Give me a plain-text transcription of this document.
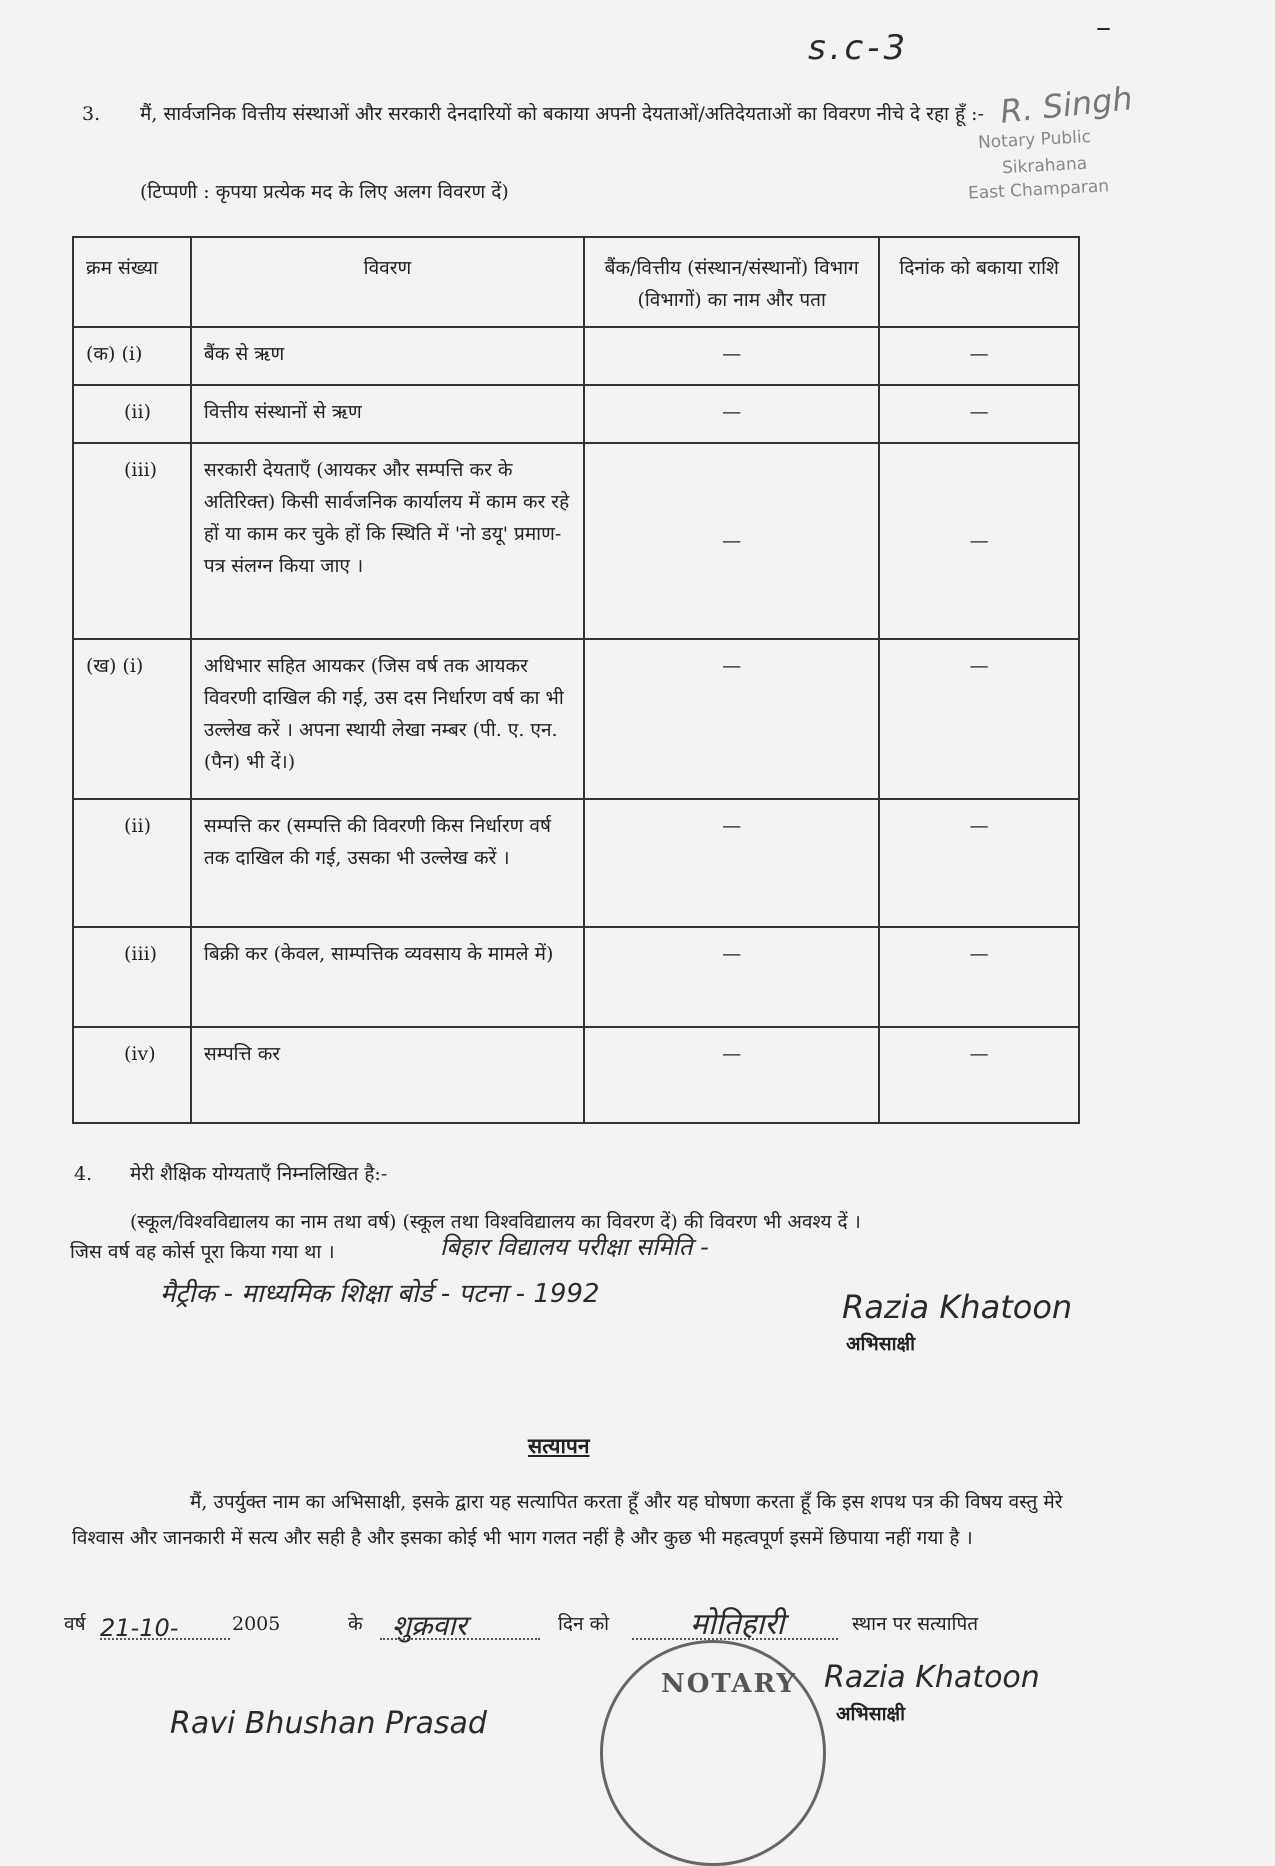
s.c-3
–
R. Singh
Notary Public
Sikrahana
East Champaran
3. मैं, सार्वजनिक वित्तीय संस्थाओं और सरकारी देनदारियों को बकाया अपनी देयताओं/अतिदेयताओं का विवरण नीचे दे रहा हूँ :-
(टिप्पणी : कृपया प्रत्येक मद के लिए अलग विवरण दें)
क्रम संख्या	विवरण	बैंक/वित्तीय (संस्थान/संस्थानों) विभाग (विभागों) का नाम और पता	दिनांक को बकाया राशि
(क) (i)	बैंक से ऋण	—	—

(ii)	वित्तीय संस्थानों से ऋण	—	—

(iii)	सरकारी देयताएँ (आयकर और सम्पत्ति कर के अतिरिक्त) किसी सार्वजनिक कार्यालय में काम कर रहे हों या काम कर चुके हों कि स्थिति में 'नो डयू' प्रमाण-पत्र संलग्न किया जाए ।	—	—

(ख) (i)	अधिभार सहित आयकर (जिस वर्ष तक आयकर विवरणी दाखिल की गई, उस दस निर्धारण वर्ष का भी उल्लेख करें । अपना स्थायी लेखा नम्बर (पी. ए. एन. (पैन) भी दें।)	—	—

(ii)	सम्पत्ति कर (सम्पत्ति की विवरणी किस निर्धारण वर्ष तक दाखिल की गई, उसका भी उल्लेख करें ।	—	—

(iii)	बिक्री कर (केवल, साम्पत्तिक व्यवसाय के मामले में)	—	—

(iv)	सम्पत्ति कर	—	—
4. मेरी शैक्षिक योग्यताएँ निम्नलिखित है:-
(स्कूल/विश्वविद्यालय का नाम तथा वर्ष) (स्कूल तथा विश्वविद्यालय का विवरण दें) की विवरण भी अवश्य दें ।
जिस वर्ष वह कोर्स पूरा किया गया था ।	बिहार विद्यालय परीक्षा समिति -
मैट्रीक - माध्यमिक शिक्षा बोर्ड - पटना - 1992	Razia Khatoon
अभिसाक्षी
सत्यापन
मैं, उपर्युक्त नाम का अभिसाक्षी, इसके द्वारा यह सत्यापित करता हूँ और यह घोषणा करता हूँ कि इस शपथ पत्र की विषय वस्तु मेरे विश्वास और जानकारी में सत्य और सही है और इसका कोई भी भाग गलत नहीं है और कुछ भी महत्वपूर्ण इसमें छिपाया नहीं गया है ।
वर्ष 21-10-	2005	के शुक्रवार	दिन को	मोतिहारी	स्थान पर सत्यापित
NOTARY Razia Khatoon
अभिसाक्षी
Ravi Bhushan Prasad
